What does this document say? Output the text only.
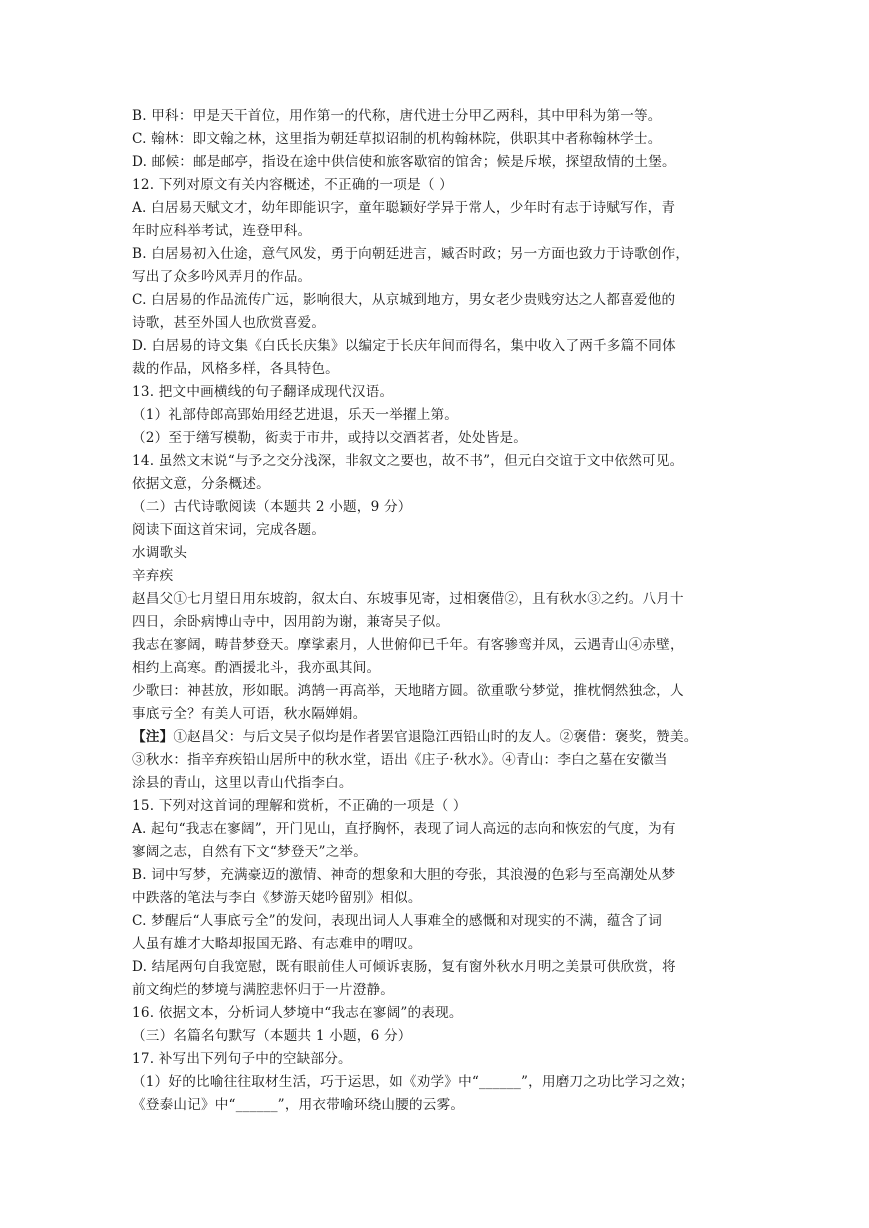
B. 甲科：甲是天干首位，用作第一的代称，唐代进士分甲乙两科，其中甲科为第一等。
C. 翰林：即文翰之林，这里指为朝廷草拟诏制的机构翰林院，供职其中者称翰林学士。
D. 邮候：邮是邮亭，指设在途中供信使和旅客歇宿的馆舍；候是斥堠，探望敌情的土堡。
12. 下列对原文有关内容概述，不正确的一项是（ ）
A. 白居易天赋文才，幼年即能识字，童年聪颖好学异于常人，少年时有志于诗赋写作，青
年时应科举考试，连登甲科。
B. 白居易初入仕途，意气风发，勇于向朝廷进言，臧否时政；另一方面也致力于诗歌创作，
写出了众多吟风弄月的作品。
C. 白居易的作品流传广远，影响很大，从京城到地方，男女老少贵贱穷达之人都喜爱他的
诗歌，甚至外国人也欣赏喜爱。
D. 白居易的诗文集《白氏长庆集》以编定于长庆年间而得名，集中收入了两千多篇不同体
裁的作品，风格多样，各具特色。
13. 把文中画横线的句子翻译成现代汉语。
（1）礼部侍郎高郢始用经艺进退，乐天一举擢上第。
（2）至于缮写模勒，衒卖于市井，或持以交酒茗者，处处皆是。
14. 虽然文末说“与予之交分浅深，非叙文之要也，故不书”，但元白交谊于文中依然可见。
依据文意，分条概述。
（二）古代诗歌阅读（本题共 2 小题，9 分）
阅读下面这首宋词，完成各题。
水调歌头
辛弃疾
赵昌父①七月望日用东坡韵，叙太白、东坡事见寄，过相褒借②，且有秋水③之约。八月十
四日，余卧病博山寺中，因用韵为谢，兼寄吴子似。
我志在寥阔，畴昔梦登天。摩挲素月，人世俯仰已千年。有客骖鸾并凤，云遇青山④赤壁，
相约上高寒。酌酒援北斗，我亦虱其间。
少歌曰：神甚放，形如眠。鸿鹄一再高举，天地睹方圆。欲重歌兮梦觉，推枕惘然独念，人
事底亏全？有美人可语，秋水隔婵娟。
【注】①赵昌父：与后文吴子似均是作者罢官退隐江西铅山时的友人。②褒借：褒奖，赞美。
③秋水：指辛弃疾铅山居所中的秋水堂，语出《庄子·秋水》。④青山：李白之墓在安徽当
涂县的青山，这里以青山代指李白。
15. 下列对这首词的理解和赏析，不正确的一项是（ ）
A. 起句“我志在寥阔”，开门见山，直抒胸怀，表现了词人高远的志向和恢宏的气度，为有
寥阔之志，自然有下文“梦登天”之举。
B. 词中写梦，充满豪迈的激情、神奇的想象和大胆的夸张，其浪漫的色彩与至高潮处从梦
中跌落的笔法与李白《梦游天姥吟留别》相似。
C. 梦醒后“人事底亏全”的发问，表现出词人人事难全的感慨和对现实的不满，蕴含了词
人虽有雄才大略却报国无路、有志难申的喟叹。
D. 结尾两句自我宽慰，既有眼前佳人可倾诉衷肠，复有窗外秋水月明之美景可供欣赏，将
前文绚烂的梦境与满腔悲怀归于一片澄静。
16. 依据文本，分析词人梦境中“我志在寥阔”的表现。
（三）名篇名句默写（本题共 1 小题，6 分）
17. 补写出下列句子中的空缺部分。
（1）好的比喻往往取材生活，巧于运思，如《劝学》中“______”，用磨刀之功比学习之效；
《登泰山记》中“______”，用衣带喻环绕山腰的云雾。
